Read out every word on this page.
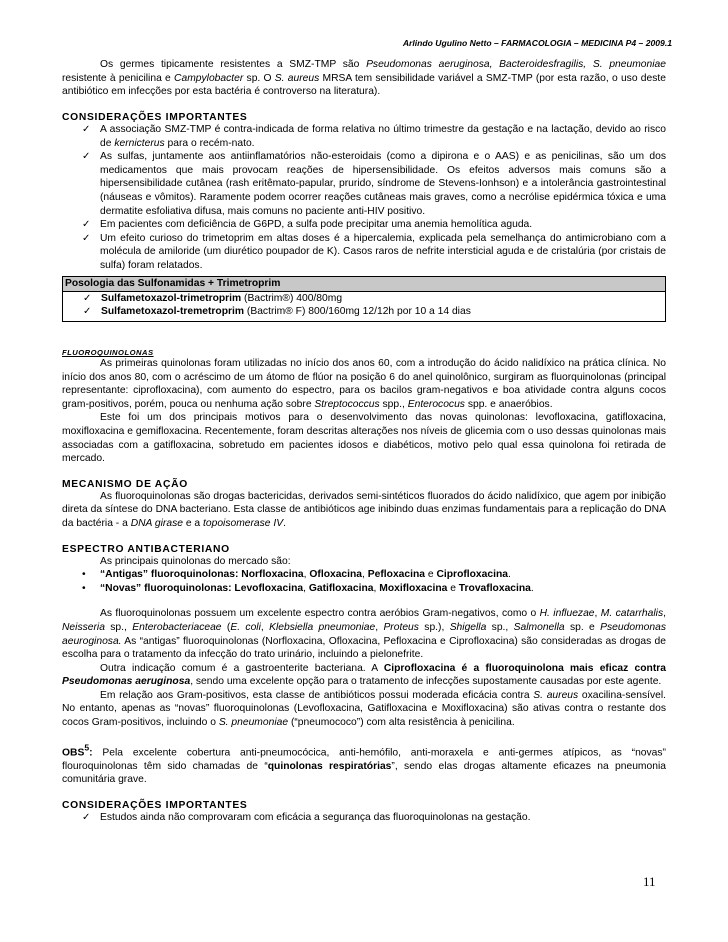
Arlindo Ugulino Netto – FARMACOLOGIA – MEDICINA P4 – 2009.1

Os germes tipicamente resistentes a SMZ-TMP são Pseudomonas aeruginosa, Bacteroidesfragilis, S. pneumoniae resistente à penicilina e Campylobacter sp. O S. aureus MRSA tem sensibilidade variável a SMZ-TMP (por esta razão, o uso deste antibiótico em infecções por esta bactéria é controverso na literatura).

CONSIDERAÇÕES IMPORTANTES
✓ A associação SMZ-TMP é contra-indicada de forma relativa no último trimestre da gestação e na lactação, devido ao risco de kernicterus para o recém-nato.
✓ As sulfas, juntamente aos antiinflamatórios não-esteroidais (como a dipirona e o AAS) e as penicilinas, são um dos medicamentos que mais provocam reações de hipersensibilidade. Os efeitos adversos mais comuns são a hipersensibilidade cutânea (rash eritêmato-papular, prurido, síndrome de Stevens-Ionhson) e a intolerância gastrointestinal (náuseas e vômitos). Raramente podem ocorrer reações cutâneas mais graves, como a necrólise epidérmica tóxica e uma dermatite esfoliativa difusa, mais comuns no paciente anti-HIV positivo.
✓ Em pacientes com deficiência de G6PD, a sulfa pode precipitar uma anemia hemolítica aguda.
✓ Um efeito curioso do trimetoprim em altas doses é a hipercalemia, explicada pela semelhança do antimicrobiano com a molécula de amiloride (um diurético poupador de K). Casos raros de nefrite intersticial aguda e de cristalúria (por cristais de sulfa) foram relatados.
Posologia das Sulfonamidas + Trimetroprim
✓ Sulfametoxazol-trimetroprim (Bactrim®) 400/80mg
✓ Sulfametoxazol-tremetroprim (Bactrim® F) 800/160mg 12/12h por 10 a 14 dias
FLUOROQUINOLONAS

As primeiras quinolonas foram utilizadas no início dos anos 60, com a introdução do ácido nalidíxico na prática clínica. No início dos anos 80, com o acréscimo de um átomo de flúor na posição 6 do anel quinolônico, surgiram as fluorquinolonas (principal representante: ciprofloxacina), com aumento do espectro, para os bacilos gram-negativos e boa atividade contra alguns cocos gram-positivos, porém, pouca ou nenhuma ação sobre Streptococcus spp., Enterococus spp. e anaeróbios.

Este foi um dos principais motivos para o desenvolvimento das novas quinolonas: levofloxacina, gatifloxacina, moxifloxacina e gemifloxacina. Recentemente, foram descritas alterações nos níveis de glicemia com o uso dessas quinolonas mais associadas com a gatifloxacina, sobretudo em pacientes idosos e diabéticos, motivo pelo qual essa quinolona foi retirada de mercado.

MECANISMO DE AÇÃO

As fluoroquinolonas são drogas bactericidas, derivados semi-sintéticos fluorados do ácido nalidíxico, que agem por inibição direta da síntese do DNA bacteriano. Esta classe de antibióticos age inibindo duas enzimas fundamentais para a replicação do DNA da bactéria - a DNA girase e a topoisomerase IV.

ESPECTRO ANTIBACTERIANO

As principais quinolonas do mercado são:

• “Antigas” fluoroquinolonas: Norfloxacina, Ofloxacina, Pefloxacina e Ciprofloxacina.
• “Novas” fluoroquinolonas: Levofloxacina, Gatifloxacina, Moxifloxacina e Trovafloxacina.

As fluoroquinolonas possuem um excelente espectro contra aeróbios Gram-negativos, como o H. influezae, M. catarrhalis, Neisseria sp., Enterobacteriaceae (E. coli, Klebsiella pneumoniae, Proteus sp.), Shigella sp., Salmonella sp. e Pseudomonas aeuroginosa. As “antigas” fluoroquinolonas (Norfloxacina, Ofloxacina, Pefloxacina e Ciprofloxacina) são consideradas as drogas de escolha para o tratamento da infecção do trato urinário, incluindo a pielonefrite.

Outra indicação comum é a gastroenterite bacteriana. A Ciprofloxacina é a fluoroquinolona mais eficaz contra Pseudomonas aeruginosa, sendo uma excelente opção para o tratamento de infecções supostamente causadas por este agente.

Em relação aos Gram-positivos, esta classe de antibióticos possui moderada eficácia contra S. aureus oxacilina-sensível. No entanto, apenas as “novas” fluoroquinolonas (Levofloxacina, Gatifloxacina e Moxifloxacina) são ativas contra o restante dos cocos Gram-positivos, incluindo o S. pneumoniae (“pneumococo”) com alta resistência à penicilina.

OBS$^5$: Pela excelente cobertura anti-pneumocócica, anti-hemófilo, anti-moraxela e anti-germes atípicos, as “novas” flouroquinolonas têm sido chamadas de “quinolonas respiratórias”, sendo elas drogas altamente eficazes na pneumonia comunitária grave.

CONSIDERAÇÕES IMPORTANTES
✓ Estudos ainda não comprovaram com eficácia a segurança das fluoroquinolonas na gestação.
11
